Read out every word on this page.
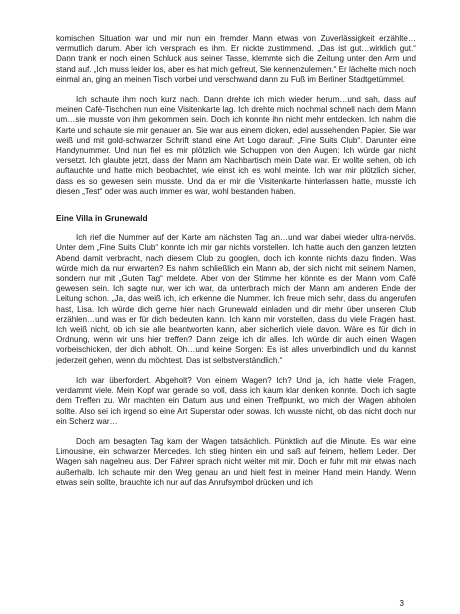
komischen Situation war und mir nun ein fremder Mann etwas von Zuverlässigkeit erzählte…vermutlich darum. Aber ich versprach es ihm. Er nickte zustimmend. „Das ist gut…wirklich gut.“ Dann trank er noch einen Schluck aus seiner Tasse, klemmte sich die Zeitung unter den Arm und stand auf. „Ich muss leider los, aber es hat mich gefreut, Sie kennenzulernen.“ Er lächelte mich noch einmal an, ging an meinen Tisch vorbei und verschwand dann zu Fuß im Berliner Stadtgetümmel.

Ich schaute ihm noch kurz nach. Dann drehte ich mich wieder herum…und sah, dass auf meinen Café-Tischchen nun eine Visitenkarte lag. Ich drehte mich nochmal schnell nach dem Mann um…sie musste von ihm gekommen sein. Doch ich konnte ihn nicht mehr entdecken. Ich nahm die Karte und schaute sie mir genauer an. Sie war aus einem dicken, edel aussehenden Papier. Sie war weiß und mit gold-schwarzer Schrift stand eine Art Logo darauf: „Fine Suits Club“. Darunter eine Handynummer. Und nun fiel es mir plötzlich wie Schuppen von den Augen: Ich würde gar nicht versetzt. Ich glaubte jetzt, dass der Mann am Nachbartisch mein Date war. Er wollte sehen, ob ich auftauchte und hatte mich beobachtet, wie einst ich es wohl meinte. Ich war mir plötzlich sicher, dass es so gewesen sein musste. Und da er mir die Visitenkarte hinterlassen hatte, musste ich diesen „Test“ oder was auch immer es war, wohl bestanden haben.

Eine Villa in Grunewald

Ich rief die Nummer auf der Karte am nächsten Tag an…und war dabei wieder ultra-nervös. Unter dem „Fine Suits Club“ konnte ich mir gar nichts vorstellen. Ich hatte auch den ganzen letzten Abend damit verbracht, nach diesem Club zu googlen, doch ich konnte nichts dazu finden. Was würde mich da nur erwarten? Es nahm schließlich ein Mann ab, der sich nicht mit seinem Namen, sondern nur mit „Guten Tag“ meldete. Aber von der Stimme her könnte es der Mann vom Café gewesen sein. Ich sagte nur, wer ich war, da unterbrach mich der Mann am anderen Ende der Leitung schon. „Ja, das weiß ich, ich erkenne die Nummer. Ich freue mich sehr, dass du angerufen hast, Lisa. Ich würde dich gerne hier nach Grunewald einladen und dir mehr über unseren Club erzählen…und was er für dich bedeuten kann. Ich kann mir vorstellen, dass du viele Fragen hast. Ich weiß nicht, ob ich sie alle beantworten kann, aber sicherlich viele davon. Wäre es für dich in Ordnung, wenn wir uns hier treffen? Dann zeige ich dir alles. Ich würde dir auch einen Wagen vorbeischicken, der dich abholt. Oh…und keine Sorgen: Es ist alles unverbindlich und du kannst jederzeit gehen, wenn du möchtest. Das ist selbstverständlich.“

Ich war überfordert. Abgeholt? Von einem Wagen? Ich? Und ja, ich hatte viele Fragen, verdammt viele. Mein Kopf war gerade so voll, dass ich kaum klar denken konnte. Doch ich sagte dem Treffen zu. Wir machten ein Datum aus und einen Treffpunkt, wo mich der Wagen abholen sollte. Also sei ich irgend so eine Art Superstar oder sowas. Ich wusste nicht, ob das nicht doch nur ein Scherz war…

Doch am besagten Tag kam der Wagen tatsächlich. Pünktlich auf die Minute. Es war eine Limousine, ein schwarzer Mercedes. Ich stieg hinten ein und saß auf feinem, hellem Leder. Der Wagen sah nagelneu aus. Der Fahrer sprach nicht weiter mit mir. Doch er fuhr mit mir etwas nach außerhalb. Ich schaute mir den Weg genau an und hielt fest in meiner Hand mein Handy. Wenn etwas sein sollte, brauchte ich nur auf das Anrufsymbol drücken und ich

3
